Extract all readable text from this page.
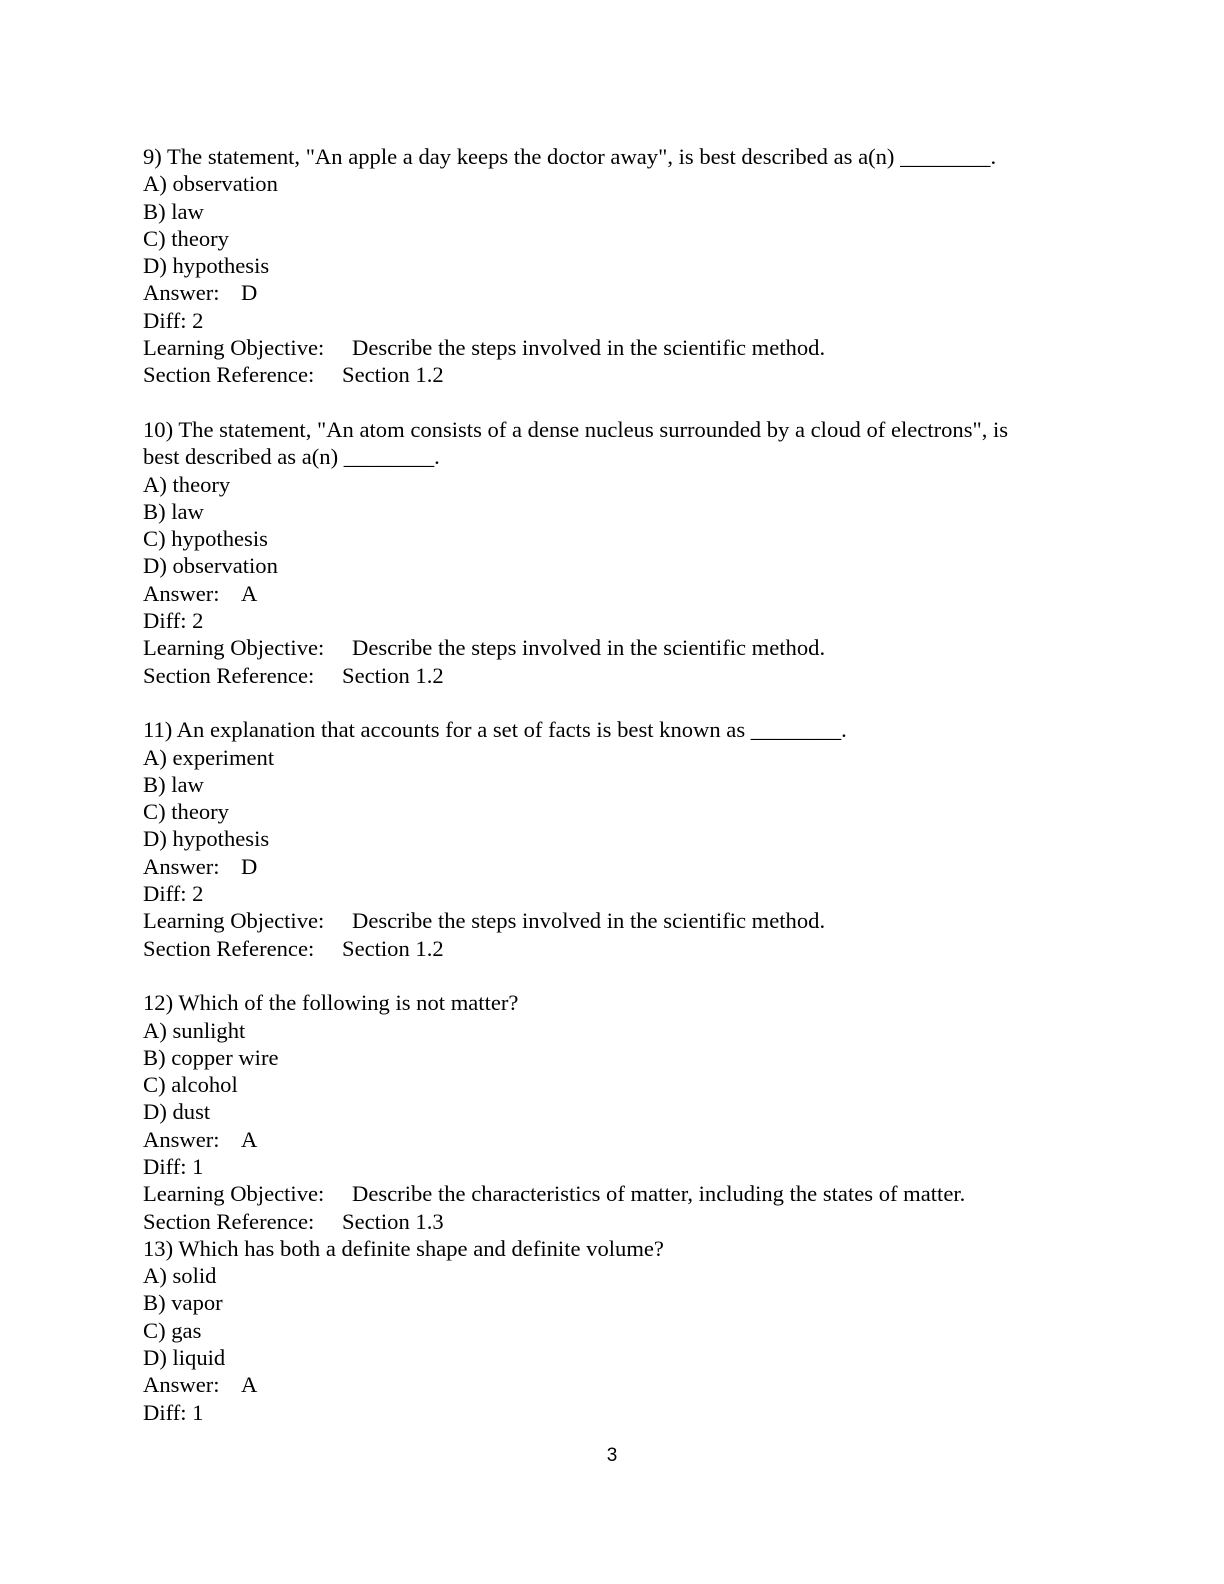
9) The statement, "An apple a day keeps the doctor away", is best described as a(n) ________.

A) observation

B) law

C) theory

D) hypothesis

Answer: D

Diff: 2

Learning Objective: Describe the steps involved in the scientific method.

Section Reference: Section 1.2

10) The statement, "An atom consists of a dense nucleus surrounded by a cloud of electrons", is

best described as a(n) ________.

A) theory

B) law

C) hypothesis

D) observation

Answer: A

Diff: 2

Learning Objective: Describe the steps involved in the scientific method.

Section Reference: Section 1.2

11) An explanation that accounts for a set of facts is best known as ________.

A) experiment

B) law

C) theory

D) hypothesis

Answer: D

Diff: 2

Learning Objective: Describe the steps involved in the scientific method.

Section Reference: Section 1.2

12) Which of the following is not matter?

A) sunlight

B) copper wire

C) alcohol

D) dust

Answer: A

Diff: 1

Learning Objective: Describe the characteristics of matter, including the states of matter.

Section Reference: Section 1.3

13) Which has both a definite shape and definite volume?

A) solid

B) vapor

C) gas

D) liquid

Answer: A

Diff: 1

3
